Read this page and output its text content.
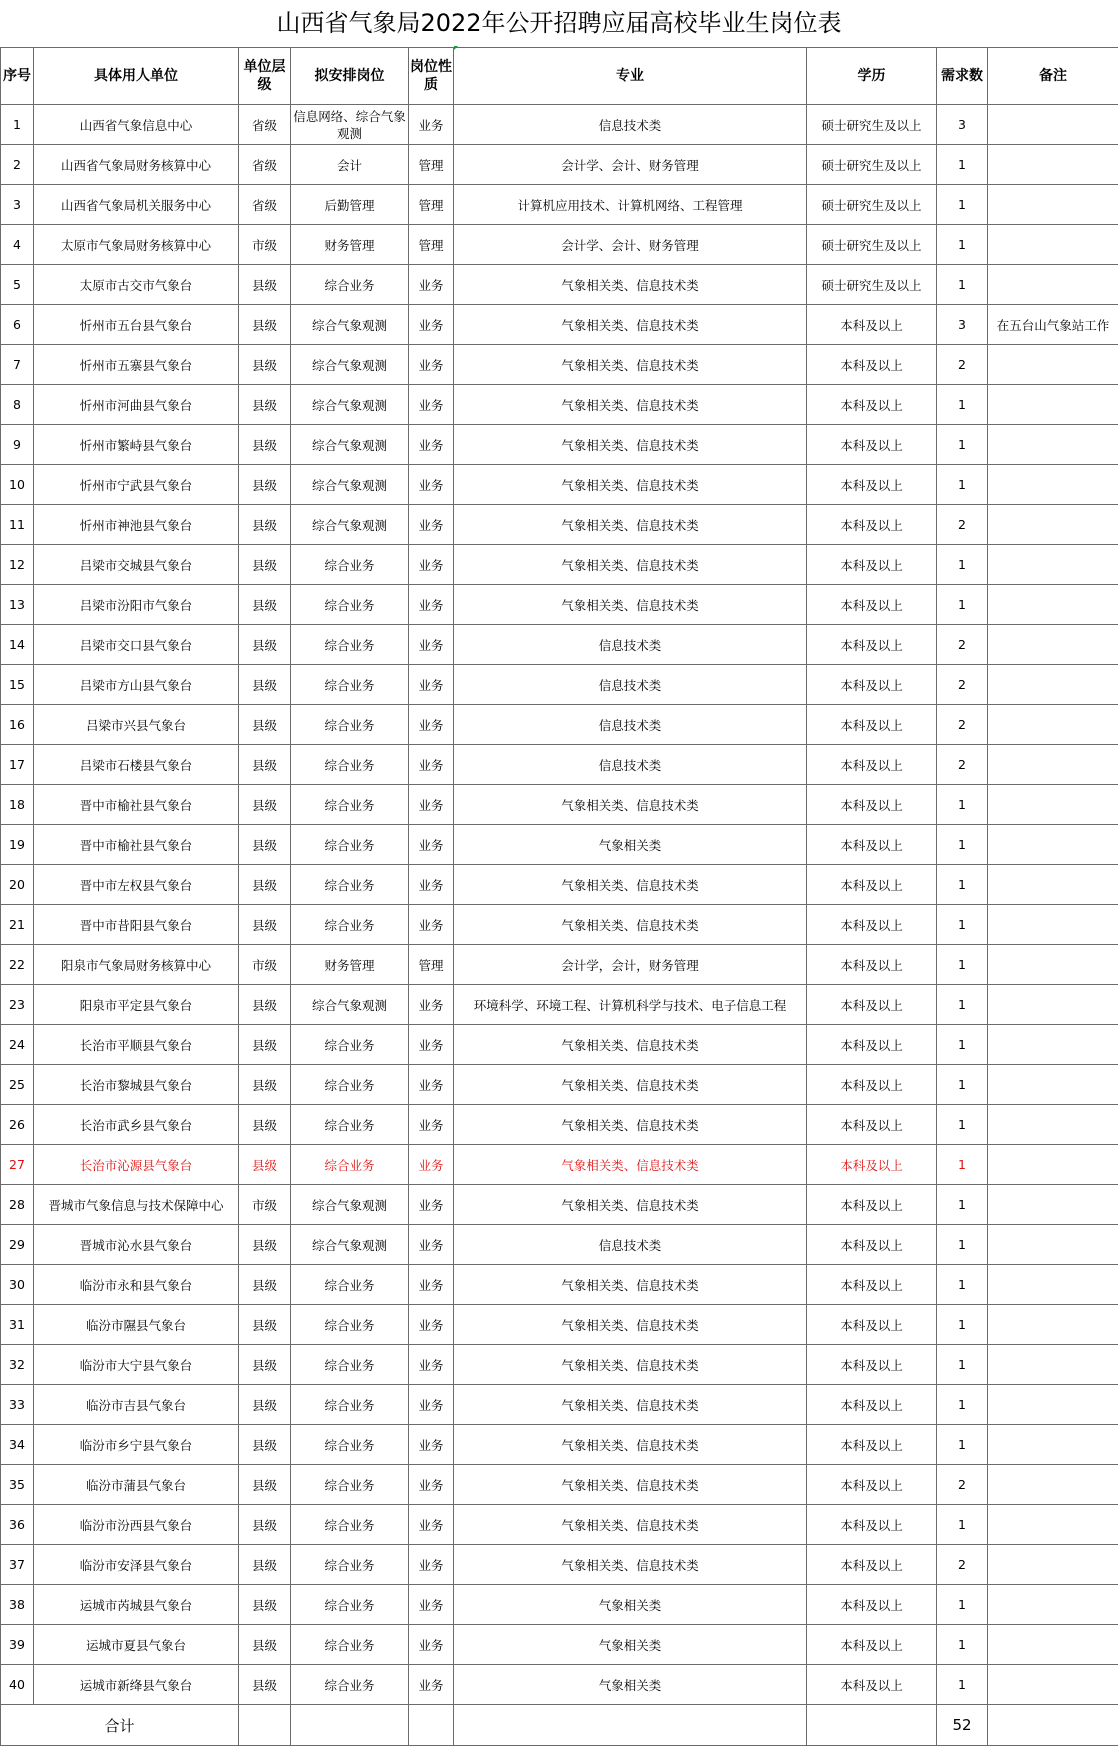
山西省气象局2022年公开招聘应届高校毕业生岗位表
序号	具体用人单位	单位层级	拟安排岗位	岗位性质	专业	学历	需求数	备注
1	山西省气象信息中心	省级	信息网络、综合气象观测	业务	信息技术类	硕士研究生及以上	3	
2	山西省气象局财务核算中心	省级	会计	管理	会计学、会计、财务管理	硕士研究生及以上	1	
3	山西省气象局机关服务中心	省级	后勤管理	管理	计算机应用技术、计算机网络、工程管理	硕士研究生及以上	1	
4	太原市气象局财务核算中心	市级	财务管理	管理	会计学、会计、财务管理	硕士研究生及以上	1	
5	太原市古交市气象台	县级	综合业务	业务	气象相关类、信息技术类	硕士研究生及以上	1	
6	忻州市五台县气象台	县级	综合气象观测	业务	气象相关类、信息技术类	本科及以上	3	在五台山气象站工作
7	忻州市五寨县气象台	县级	综合气象观测	业务	气象相关类、信息技术类	本科及以上	2	
8	忻州市河曲县气象台	县级	综合气象观测	业务	气象相关类、信息技术类	本科及以上	1	
9	忻州市繁峙县气象台	县级	综合气象观测	业务	气象相关类、信息技术类	本科及以上	1	
10	忻州市宁武县气象台	县级	综合气象观测	业务	气象相关类、信息技术类	本科及以上	1	
11	忻州市神池县气象台	县级	综合气象观测	业务	气象相关类、信息技术类	本科及以上	2	
12	吕梁市交城县气象台	县级	综合业务	业务	气象相关类、信息技术类	本科及以上	1	
13	吕梁市汾阳市气象台	县级	综合业务	业务	气象相关类、信息技术类	本科及以上	1	
14	吕梁市交口县气象台	县级	综合业务	业务	信息技术类	本科及以上	2	
15	吕梁市方山县气象台	县级	综合业务	业务	信息技术类	本科及以上	2	
16	吕梁市兴县气象台	县级	综合业务	业务	信息技术类	本科及以上	2	
17	吕梁市石楼县气象台	县级	综合业务	业务	信息技术类	本科及以上	2	
18	晋中市榆社县气象台	县级	综合业务	业务	气象相关类、信息技术类	本科及以上	1	
19	晋中市榆社县气象台	县级	综合业务	业务	气象相关类	本科及以上	1	
20	晋中市左权县气象台	县级	综合业务	业务	气象相关类、信息技术类	本科及以上	1	
21	晋中市昔阳县气象台	县级	综合业务	业务	气象相关类、信息技术类	本科及以上	1	
22	阳泉市气象局财务核算中心	市级	财务管理	管理	会计学，会计，财务管理	本科及以上	1	
23	阳泉市平定县气象台	县级	综合气象观测	业务	环境科学、环境工程、计算机科学与技术、电子信息工程	本科及以上	1	
24	长治市平顺县气象台	县级	综合业务	业务	气象相关类、信息技术类	本科及以上	1	
25	长治市黎城县气象台	县级	综合业务	业务	气象相关类、信息技术类	本科及以上	1	
26	长治市武乡县气象台	县级	综合业务	业务	气象相关类、信息技术类	本科及以上	1	
27	长治市沁源县气象台	县级	综合业务	业务	气象相关类、信息技术类	本科及以上	1	
28	晋城市气象信息与技术保障中心	市级	综合气象观测	业务	气象相关类、信息技术类	本科及以上	1	
29	晋城市沁水县气象台	县级	综合气象观测	业务	信息技术类	本科及以上	1	
30	临汾市永和县气象台	县级	综合业务	业务	气象相关类、信息技术类	本科及以上	1	
31	临汾市隰县气象台	县级	综合业务	业务	气象相关类、信息技术类	本科及以上	1	
32	临汾市大宁县气象台	县级	综合业务	业务	气象相关类、信息技术类	本科及以上	1	
33	临汾市吉县气象台	县级	综合业务	业务	气象相关类、信息技术类	本科及以上	1	
34	临汾市乡宁县气象台	县级	综合业务	业务	气象相关类、信息技术类	本科及以上	1	
35	临汾市蒲县气象台	县级	综合业务	业务	气象相关类、信息技术类	本科及以上	2	
36	临汾市汾西县气象台	县级	综合业务	业务	气象相关类、信息技术类	本科及以上	1	
37	临汾市安泽县气象台	县级	综合业务	业务	气象相关类、信息技术类	本科及以上	2	
38	运城市芮城县气象台	县级	综合业务	业务	气象相关类	本科及以上	1	
39	运城市夏县气象台	县级	综合业务	业务	气象相关类	本科及以上	1	
40	运城市新绛县气象台	县级	综合业务	业务	气象相关类	本科及以上	1	
合计							52	
